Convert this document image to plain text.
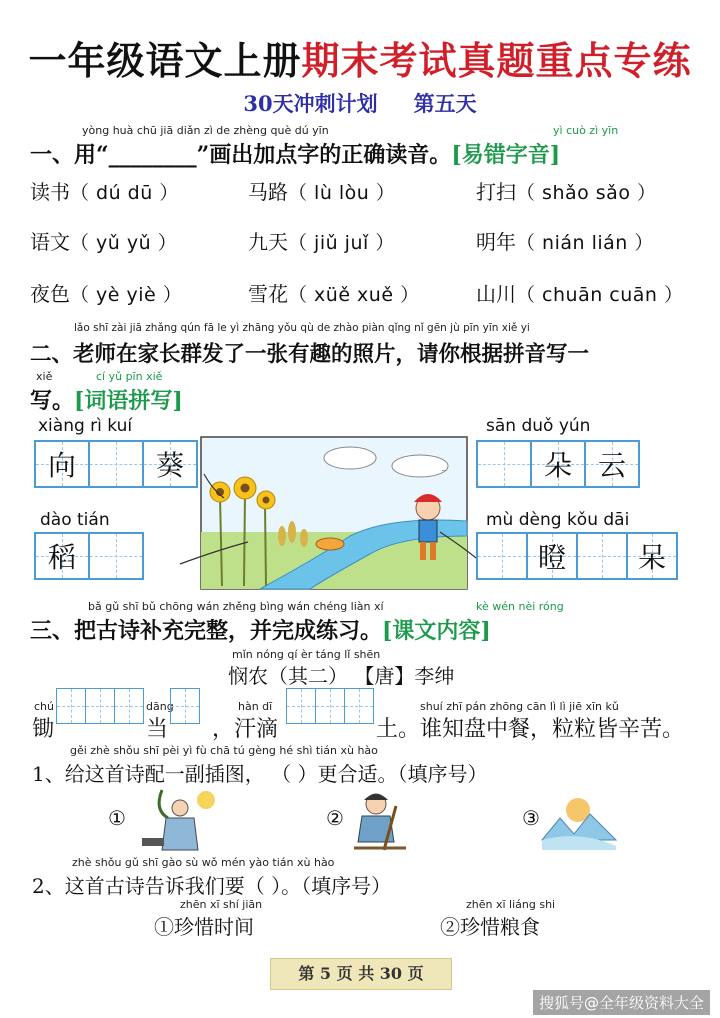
一年级语文上册期末考试真题重点专练
30天冲刺计划 第五天
yòng huà chū jiā diǎn zì de zhèng què dú yīn	yì cuò zì yīn
一、用“________”画出加点字的正确读音。[易错字音]
读书（ dú dū ）	马路（ lù lòu ）	打扫（ shǎo sǎo ）
语文（ yǔ yǔ ）	九天（ jiǔ juǐ ）	明年（ nián lián ）
夜色（ yè yiè ）	雪花（ xüě xuě ）	山川（ chuān cuān ）
lǎo shī zài jiā zhǎng qún fā le yì zhāng yǒu qù de zhào piàn qǐng nǐ gēn jù pīn yīn xiě yi
二、老师在家长群发了一张有趣的照片，请你根据拼音写一
xiě	cí yǔ pīn xiě
写。[词语拼写]
xiàng rì kuí
向	葵
sān duǒ yún
朵 云
dào tián
稻
mù dèng kǒu dāi
瞪	呆
bǎ gǔ shī bǔ chōng wán zhěng bìng wán chéng liàn xí	kè wén nèi róng
三、把古诗补充完整，并完成练习。[课文内容]
mǐn nóng qí èr táng lǐ shēn
悯农（其二） 【唐】李绅
chú
锄
dāng
当
hàn dī
，汗滴
shuí zhī pán zhōng cān lì lì jiē xīn kǔ
土。谁知盘中餐，粒粒皆辛苦。
gěi zhè shǒu shī pèi yì fù chā tú gèng hé shì tián xù hào
1、给这首诗配一副插图， （ ）更合适。（填序号）
①	②	③
zhè shǒu gǔ shī gào sù wǒ mén yào tián xù hào
2、这首古诗告诉我们要（ ）。（填序号）
zhēn xī shí jiān
①珍惜时间
zhēn xī liáng shi
②珍惜粮食
第 5 页 共 30 页
搜狐号@全年级资料大全
